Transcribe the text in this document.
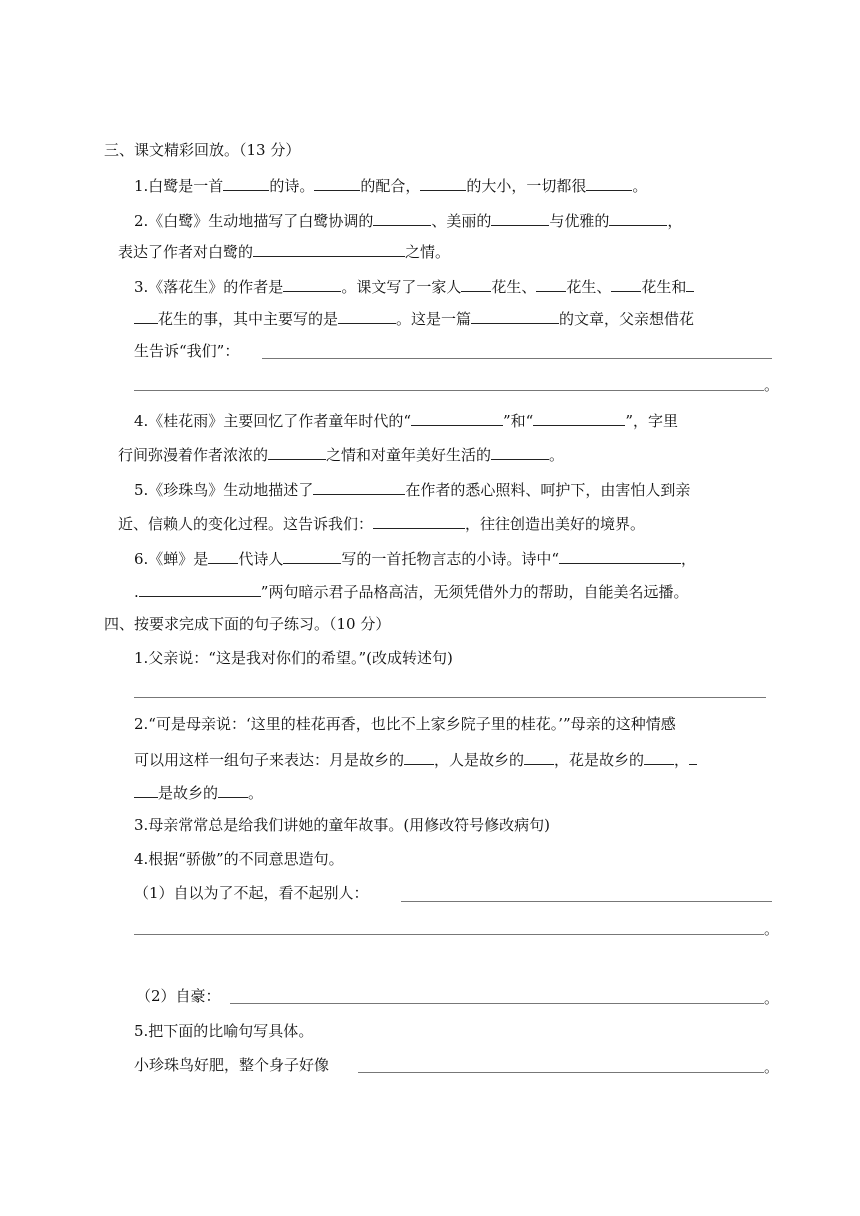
三、课文精彩回放。（13 分）
1.白鹭是一首	的诗。	的配合，	的大小，一切都很	。
2.《白鹭》生动地描写了白鹭协调的	、美丽的	与优雅的	，
表达了作者对白鹭的	之情。
3.《落花生》的作者是	。课文写了一家人 花生、 花生、 花生和
花生的事，其中主要写的是	。这是一篇	的文章，父亲想借花
生告诉“我们”：
。
4.《桂花雨》主要回忆了作者童年时代的“	”和“	”，字里
行间弥漫着作者浓浓的	之情和对童年美好生活的	。
5.《珍珠鸟》生动地描述了	在作者的悉心照料、呵护下，由害怕人到亲
近、信赖人的变化过程。这告诉我们：	，往往创造出美好的境界。
6.《蝉》是 代诗人	写的一首托物言志的小诗。诗中“	，
.	”两句暗示君子品格高洁，无须凭借外力的帮助，自能美名远播。
四、按要求完成下面的句子练习。（10 分）
1.父亲说：“这是我对你们的希望。”(改成转述句)
2.“可是母亲说：‘这里的桂花再香，也比不上家乡院子里的桂花。’”母亲的这种情感
可以用这样一组句子来表达：月是故乡的 ，人是故乡的 ，花是故乡的 ，
是故乡的 。
3.母亲常常总是给我们讲她的童年故事。(用修改符号修改病句)
4.根据“骄傲”的不同意思造句。
（1）自以为了不起，看不起别人：
。
（2）自豪：	。
5.把下面的比喻句写具体。
小珍珠鸟好肥，整个身子好像	。
